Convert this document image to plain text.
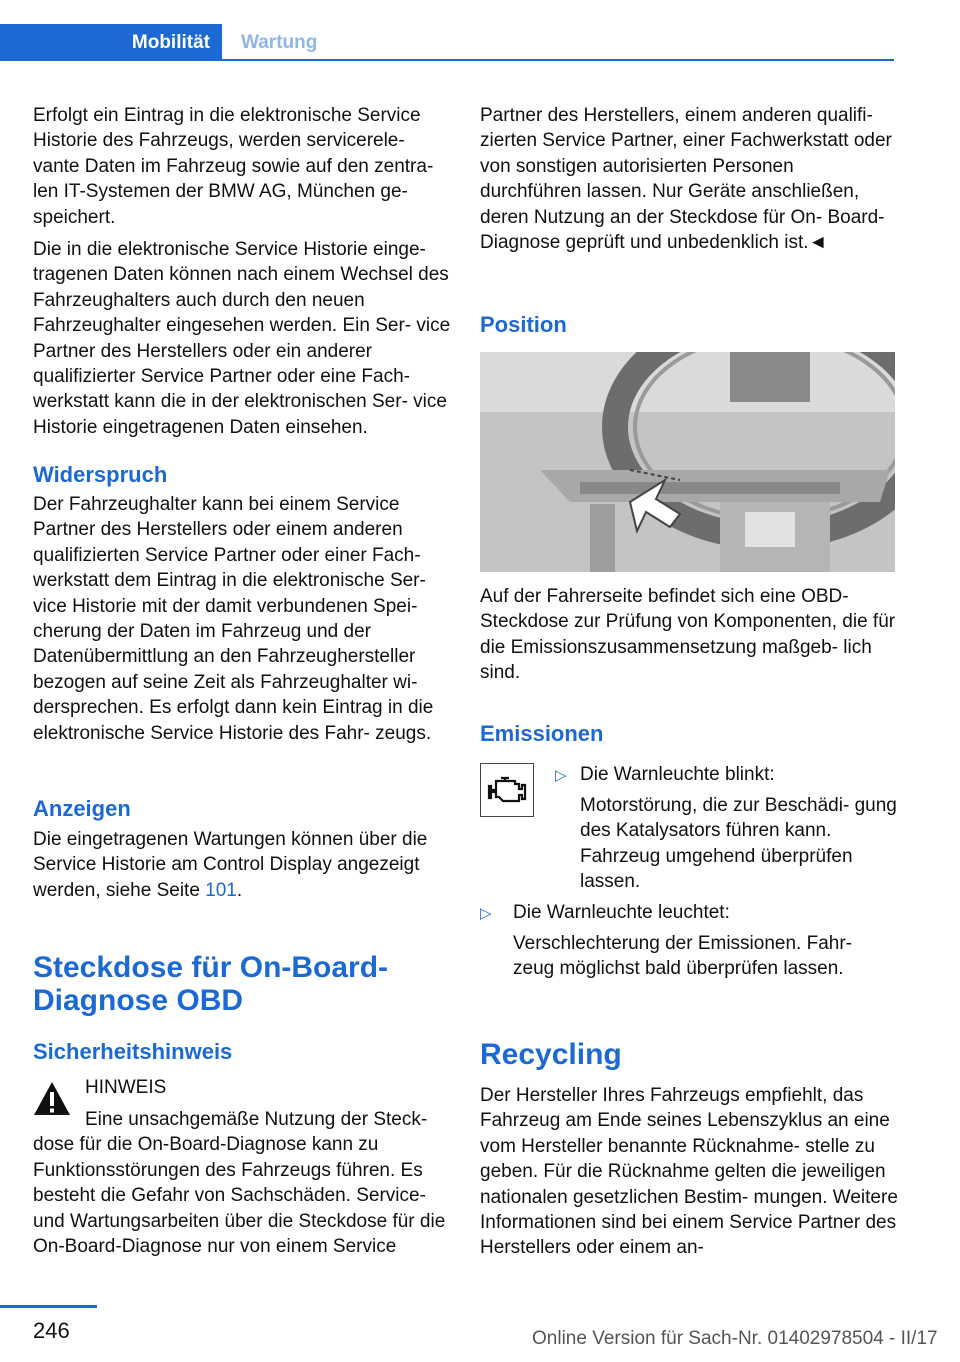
Mobilität	Wartung
Erfolgt ein Eintrag in die elektronische Service Historie des Fahrzeugs, werden servicerele‐ vante Daten im Fahrzeug sowie auf den zentra‐ len IT-Systemen der BMW AG, München ge‐ speichert.
Die in die elektronische Service Historie einge‐ tragenen Daten können nach einem Wechsel des Fahrzeughalters auch durch den neuen Fahrzeughalter eingesehen werden. Ein Ser‐ vice Partner des Herstellers oder ein anderer qualifizierter Service Partner oder eine Fach‐ werkstatt kann die in der elektronischen Ser‐ vice Historie eingetragenen Daten einsehen.
Widerspruch
Der Fahrzeughalter kann bei einem Service Partner des Herstellers oder einem anderen qualifizierten Service Partner oder einer Fach‐ werkstatt dem Eintrag in die elektronische Ser‐ vice Historie mit der damit verbundenen Spei‐ cherung der Daten im Fahrzeug und der Datenübermittlung an den Fahrzeughersteller bezogen auf seine Zeit als Fahrzeughalter wi‐ dersprechen. Es erfolgt dann kein Eintrag in die elektronische Service Historie des Fahr‐ zeugs.
Anzeigen
Die eingetragenen Wartungen können über die Service Historie am Control Display angezeigt werden, siehe Seite 101.
Steckdose für On-Board-
Diagnose OBD
Sicherheitshinweis
HINWEIS
Eine unsachgemäße Nutzung der Steck‐ dose für die On-Board-Diagnose kann zu Funktionsstörungen des Fahrzeugs führen. Es besteht die Gefahr von Sachschäden. Service- und Wartungsarbeiten über die Steckdose für die On-Board-Diagnose nur von einem Service
Partner des Herstellers, einem anderen qualifi‐ zierten Service Partner, einer Fachwerkstatt oder von sonstigen autorisierten Personen durchführen lassen. Nur Geräte anschließen, deren Nutzung an der Steckdose für On- Board-Diagnose geprüft und unbedenklich ist.◄
Position
Auf der Fahrerseite befindet sich eine OBD- Steckdose zur Prüfung von Komponenten, die für die Emissionszusammensetzung maßgeb‐ lich sind.
Emissionen
▷ Die Warnleuchte blinkt:
Motorstörung, die zur Beschädi‐ gung des Katalysators führen kann. Fahrzeug umgehend überprüfen lassen.
▷ Die Warnleuchte leuchtet:
Verschlechterung der Emissionen. Fahr‐ zeug möglichst bald überprüfen lassen.
Recycling
Der Hersteller Ihres Fahrzeugs empfiehlt, das Fahrzeug am Ende seines Lebenszyklus an eine vom Hersteller benannte Rücknahme‐ stelle zu geben. Für die Rücknahme gelten die jeweiligen nationalen gesetzlichen Bestim‐ mungen. Weitere Informationen sind bei einem Service Partner des Herstellers oder einem an‐
246	Online Version für Sach-Nr. 01402978504 - II/17
